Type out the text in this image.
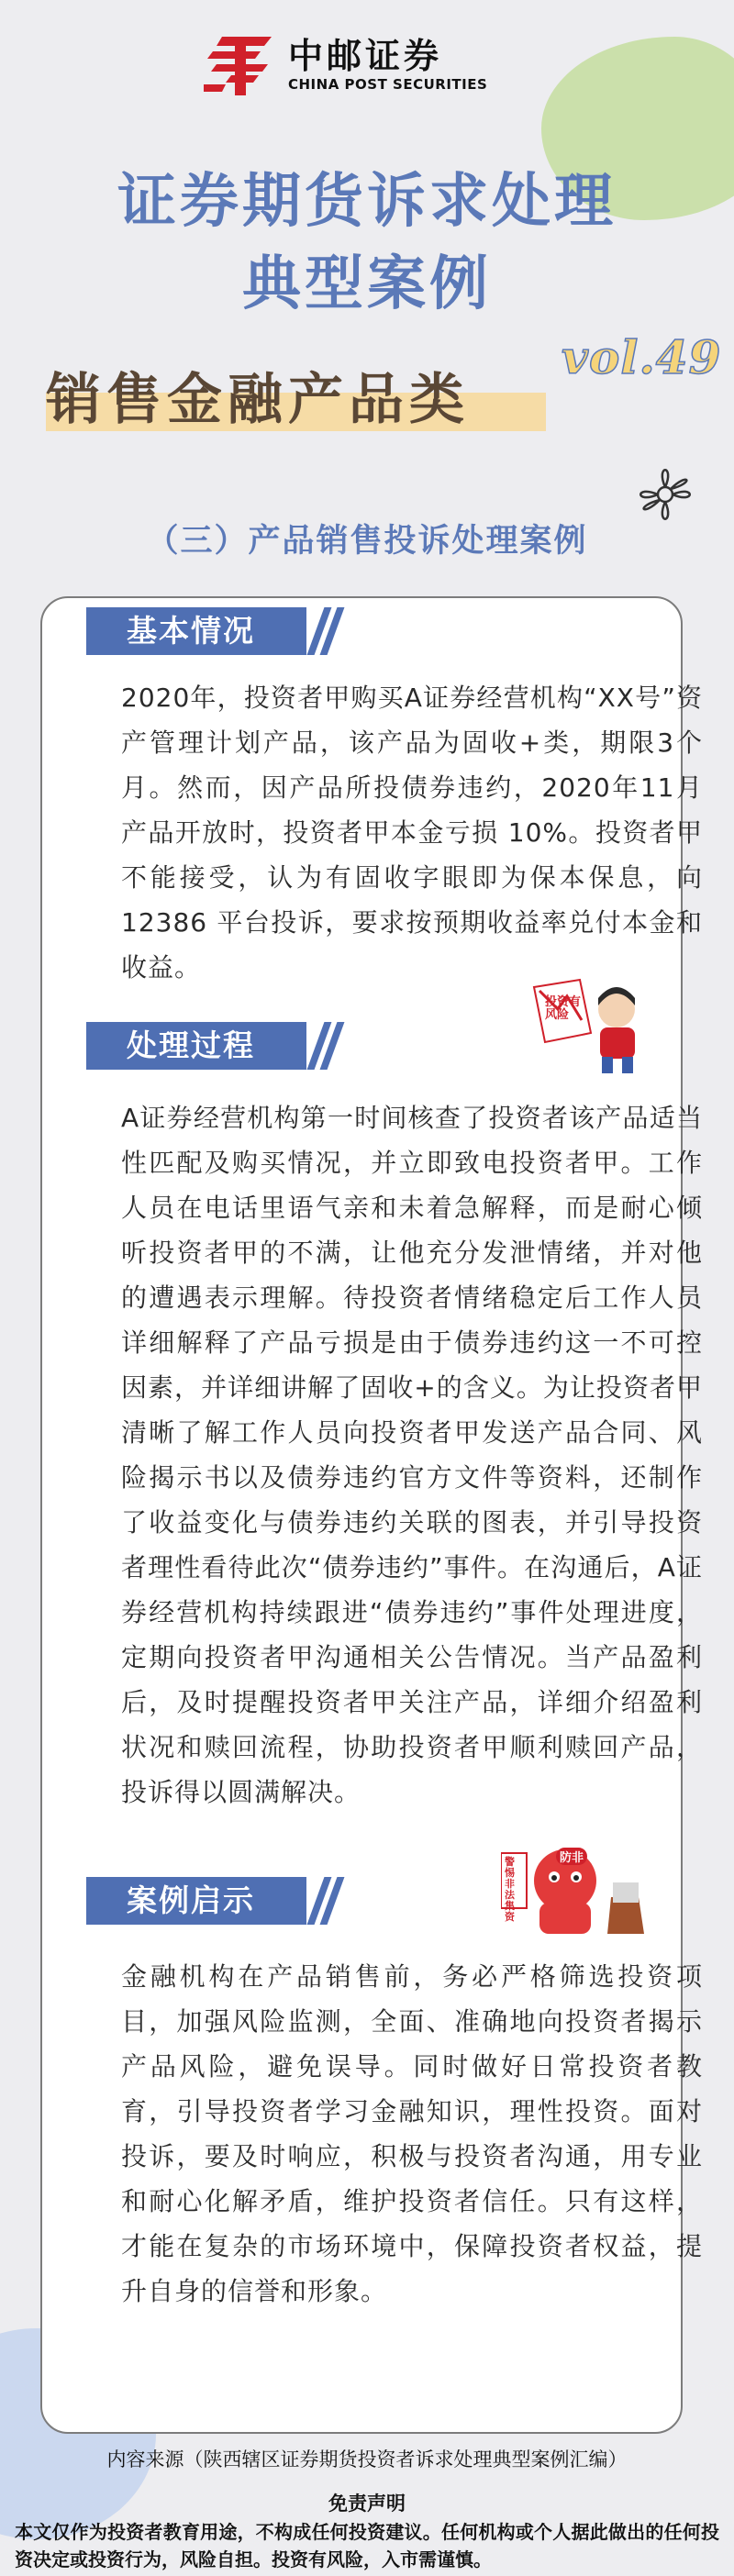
中邮证券
CHINA POST SECURITIES
证券期货诉求处理
典型案例
销售金融产品类
vol.49
（三）产品销售投诉处理案例
基本情况

2020年，投资者甲购买A证券经营机构“XX号”资产管理计划产品，该产品为固收+类，期限3个月。然而，因产品所投债券违约，2020年11月产品开放时，投资者甲本金亏损 10%。投资者甲不能接受，认为有固收字眼即为保本保息，向12386 平台投诉，要求按预期收益率兑付本金和收益。

投资有风险
处理过程

A证券经营机构第一时间核查了投资者该产品适当性匹配及购买情况，并立即致电投资者甲。工作人员在电话里语气亲和未着急解释，而是耐心倾听投资者甲的不满，让他充分发泄情绪，并对他的遭遇表示理解。待投资者情绪稳定后工作人员详细解释了产品亏损是由于债券违约这一不可控因素，并详细讲解了固收+的含义。为让投资者甲清晰了解工作人员向投资者甲发送产品合同、风险揭示书以及债券违约官方文件等资料，还制作了收益变化与债券违约关联的图表，并引导投资者理性看待此次“债券违约”事件。在沟通后，A证券经营机构持续跟进“债券违约”事件处理进度，定期向投资者甲沟通相关公告情况。当产品盈利后，及时提醒投资者甲关注产品，详细介绍盈利状况和赎回流程，协助投资者甲顺利赎回产品，投诉得以圆满解决。

防非
警惕非法集资
案例启示

金融机构在产品销售前，务必严格筛选投资项目，加强风险监测，全面、准确地向投资者揭示产品风险，避免误导。同时做好日常投资者教育，引导投资者学习金融知识，理性投资。面对投诉，要及时响应，积极与投资者沟通，用专业和耐心化解矛盾，维护投资者信任。只有这样，才能在复杂的市场环境中，保障投资者权益，提升自身的信誉和形象。

内容来源（陕西辖区证券期货投资者诉求处理典型案例汇编）
免责声明

本文仅作为投资者教育用途，不构成任何投资建议。任何机构或个人据此做出的任何投资决定或投资行为，风险自担。投资有风险，入市需谨慎。
